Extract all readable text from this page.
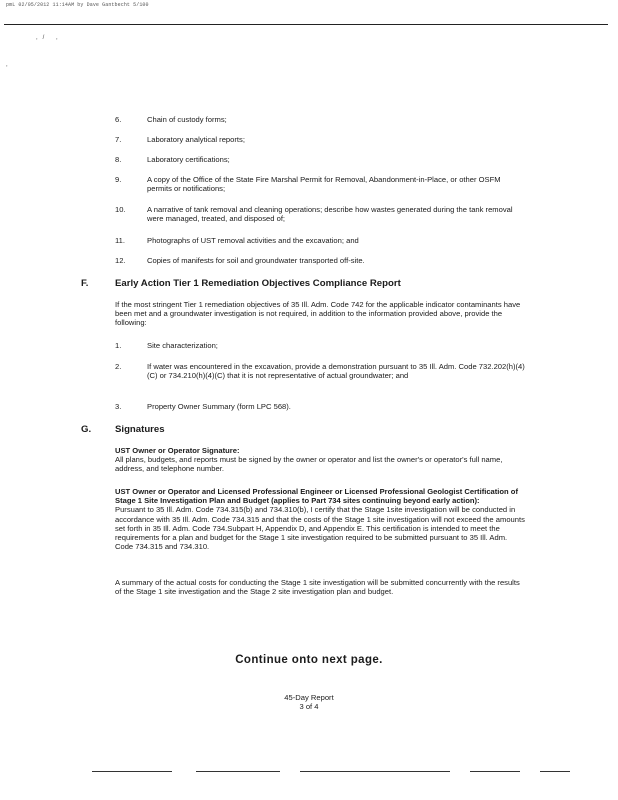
pmL 02/05/2012 11:14AM by Dave Gantbecht 5/100
,   /       ,
,
6.	Chain of custody forms;
7.	Laboratory analytical reports;
8.	Laboratory certifications;
9.	A copy of the Office of the State Fire Marshal Permit for Removal, Abandonment-in-Place, or other OSFM permits or notifications;
10.	A narrative of tank removal and cleaning operations; describe how wastes generated during the tank removal were managed, treated, and disposed of;
11.	Photographs of UST removal activities and the excavation; and
12.	Copies of manifests for soil and groundwater transported off-site.
F.	Early Action Tier 1 Remediation Objectives Compliance Report
If the most stringent Tier 1 remediation objectives of 35 Ill. Adm. Code 742 for the applicable indicator contaminants have been met and a groundwater investigation is not required, in addition to the information provided above, provide the following:
1.	Site characterization;
2.	If water was encountered in the excavation, provide a demonstration pursuant to 35 Ill. Adm. Code 732.202(h)(4)(C) or 734.210(h)(4)(C) that it is not representative of actual groundwater; and
3.	Property Owner Summary (form LPC 568).
G. Signatures
UST Owner or Operator Signature:
All plans, budgets, and reports must be signed by the owner or operator and list the owner's or operator's full name, address, and telephone number.
UST Owner or Operator and Licensed Professional Engineer or Licensed Professional Geologist Certification of Stage 1 Site Investigation Plan and Budget (applies to Part 734 sites continuing beyond early action):
Pursuant to 35 Ill. Adm. Code 734.315(b) and 734.310(b), I certify that the Stage 1site investigation will be conducted in accordance with 35 Ill. Adm. Code 734.315 and that the costs of the Stage 1 site investigation will not exceed the amounts set forth in 35 Ill. Adm. Code 734.Subpart H, Appendix D, and Appendix E. This certification is intended to meet the requirements for a plan and budget for the Stage 1 site investigation required to be submitted pursuant to 35 Ill. Adm. Code 734.315 and 734.310.
A summary of the actual costs for conducting the Stage 1 site investigation will be submitted concurrently with the results of the Stage 1 site investigation and the Stage 2 site investigation plan and budget.
Continue onto next page.
45-Day Report
3 of 4
